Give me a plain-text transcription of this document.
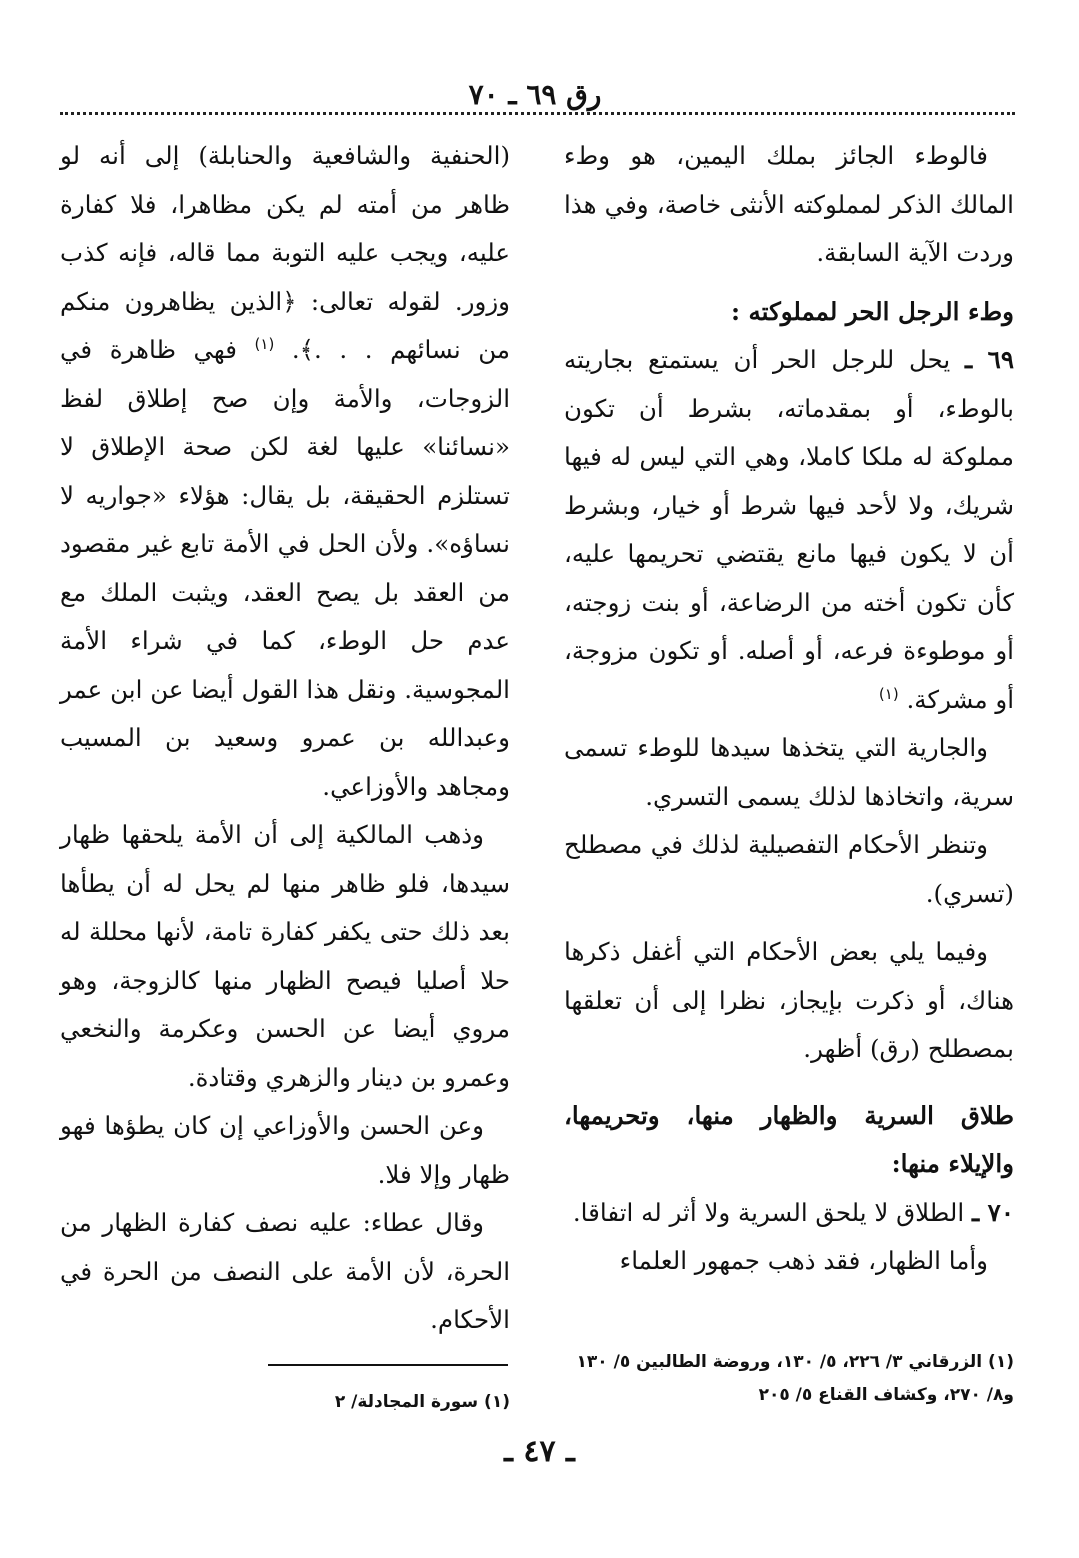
رق ٦٩ ـ ٧٠

فالوطء الجائز بملك اليمين، هو وطء المالك الذكر لمملوكته الأنثى خاصة، وفي هذا وردت الآية السابقة.

وطء الرجل الحر لمملوكته :

٦٩ ـ يحل للرجل الحر أن يستمتع بجاريته بالوطء، أو بمقدماته، بشرط أن تكون مملوكة له ملكا كاملا، وهي التي ليس له فيها شريك، ولا لأحد فيها شرط أو خيار، وبشرط أن لا يكون فيها مانع يقتضي تحريمها عليه، كأن تكون أخته من الرضاعة، أو بنت زوجته، أو موطوءة فرعه، أو أصله. أو تكون مزوجة، أو مشركة. $^{(١)}$

والجارية التي يتخذها سيدها للوطء تسمى سرية، واتخاذها لذلك يسمى التسري.

وتنظر الأحكام التفصيلية لذلك في مصطلح (تسري).

وفيما يلي بعض الأحكام التي أغفل ذكرها هناك، أو ذكرت بإيجاز، نظرا إلى أن تعلقها بمصطلح (رق) أظهر.

طلاق السرية والظهار منها، وتحريمها، والإيلاء منها:

٧٠ ـ الطلاق لا يلحق السرية ولا أثر له اتفاقا.

وأما الظهار، فقد ذهب جمهور العلماء

(الحنفية والشافعية والحنابلة) إلى أنه لو ظاهر من أمته لم يكن مظاهرا، فلا كفارة عليه، ويجب عليه التوبة مما قاله، فإنه كذب وزور. لقوله تعالى: ﴿الذين يظاهرون منكم من نسائهم . . .﴾. $^{(١)}$ فهي ظاهرة في الزوجات، والأمة وإن صح إطلاق لفظ «نسائنا» عليها لغة لكن صحة الإطلاق لا تستلزم الحقيقة، بل يقال: هؤلاء «جواريه لا نساؤه». ولأن الحل في الأمة تابع غير مقصود من العقد بل يصح العقد، ويثبت الملك مع عدم حل الوطء، كما في شراء الأمة المجوسية. ونقل هذا القول أيضا عن ابن عمر وعبدالله بن عمرو وسعيد بن المسيب ومجاهد والأوزاعي.

وذهب المالكية إلى أن الأمة يلحقها ظهار سيدها، فلو ظاهر منها لم يحل له أن يطأها بعد ذلك حتى يكفر كفارة تامة، لأنها محللة له حلا أصليا فيصح الظهار منها كالزوجة، وهو مروي أيضا عن الحسن وعكرمة والنخعي وعمرو بن دينار والزهري وقتادة.

وعن الحسن والأوزاعي إن كان يطؤها فهو ظهار وإلا فلا.

وقال عطاء: عليه نصف كفارة الظهار من الحرة، لأن الأمة على النصف من الحرة في الأحكام.

(١) الزرقاني ٣/ ٢٢٦، ٥/ ١٣٠، وروضة الطالبين ٥/ ١٣٠ و٨/ ٢٧٠، وكشاف القناع ٥/ ٢٠٥
(١) سورة المجادلة/ ٢
ـ ٤٧ ـ
